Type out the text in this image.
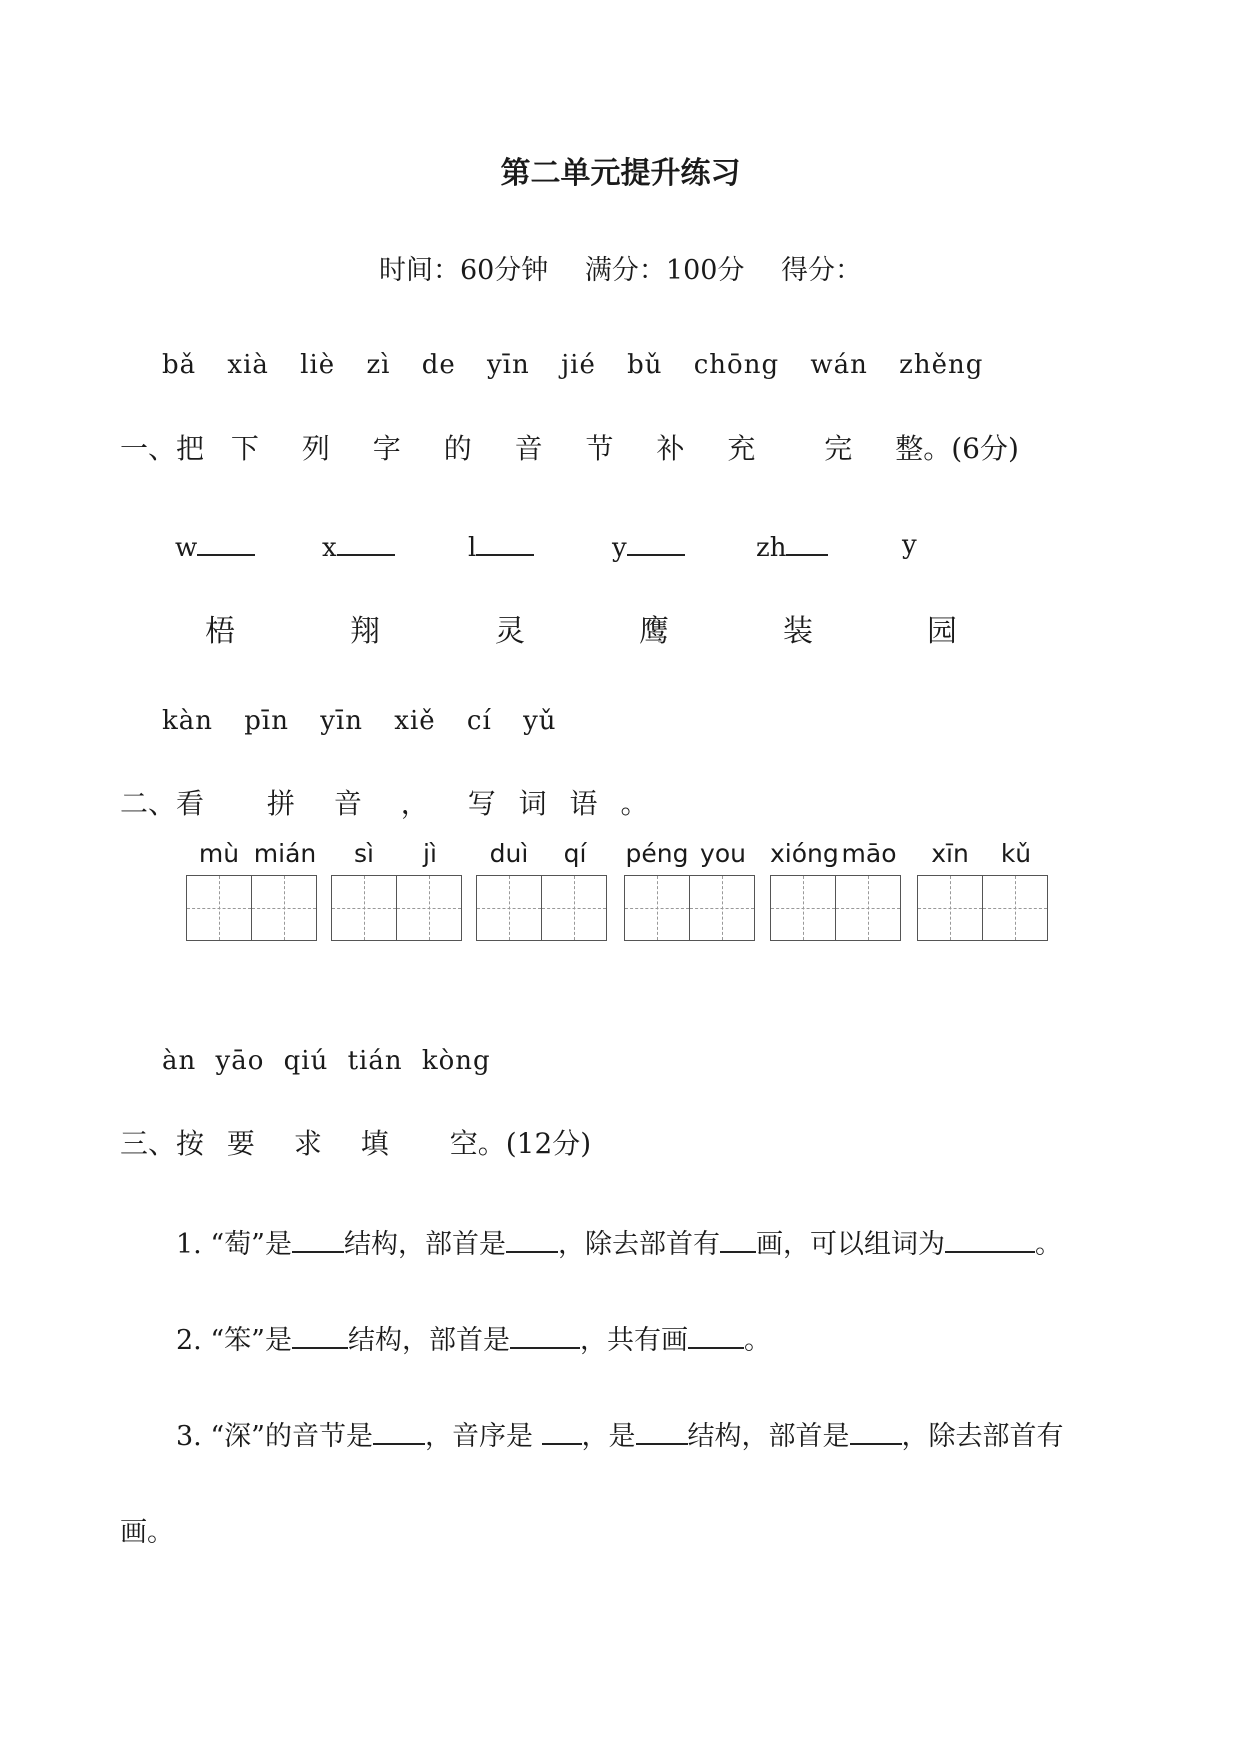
第二单元提升练习
时间：60分钟 满分：100分 得分：
bǎ xià liè zì de yīn jié bǔ chōng wán zhěng
一、把 下 列 字 的 音 节 补 充 完 整。(6分)
w	x	l	y	zh	y
梧	翔	灵	鹰	装	园
kàn pīn yīn xiě cí yǔ
二、看 拼 音 ， 写 词 语 。
mù mián	sì	jì	duì	qí	péng you xióng māo	xīn	kǔ
àn yāo qiú tián kòng
三、按 要 求 填 空。(12分)
1. “萄”是 结构，部首是 ，除去部首有 画，可以组词为	。
2. “笨”是 结构，部首是	，共有画 。
3. “深”的音节是 ，音序是 ，是 结构，部首是 ，除去部首有
画。
